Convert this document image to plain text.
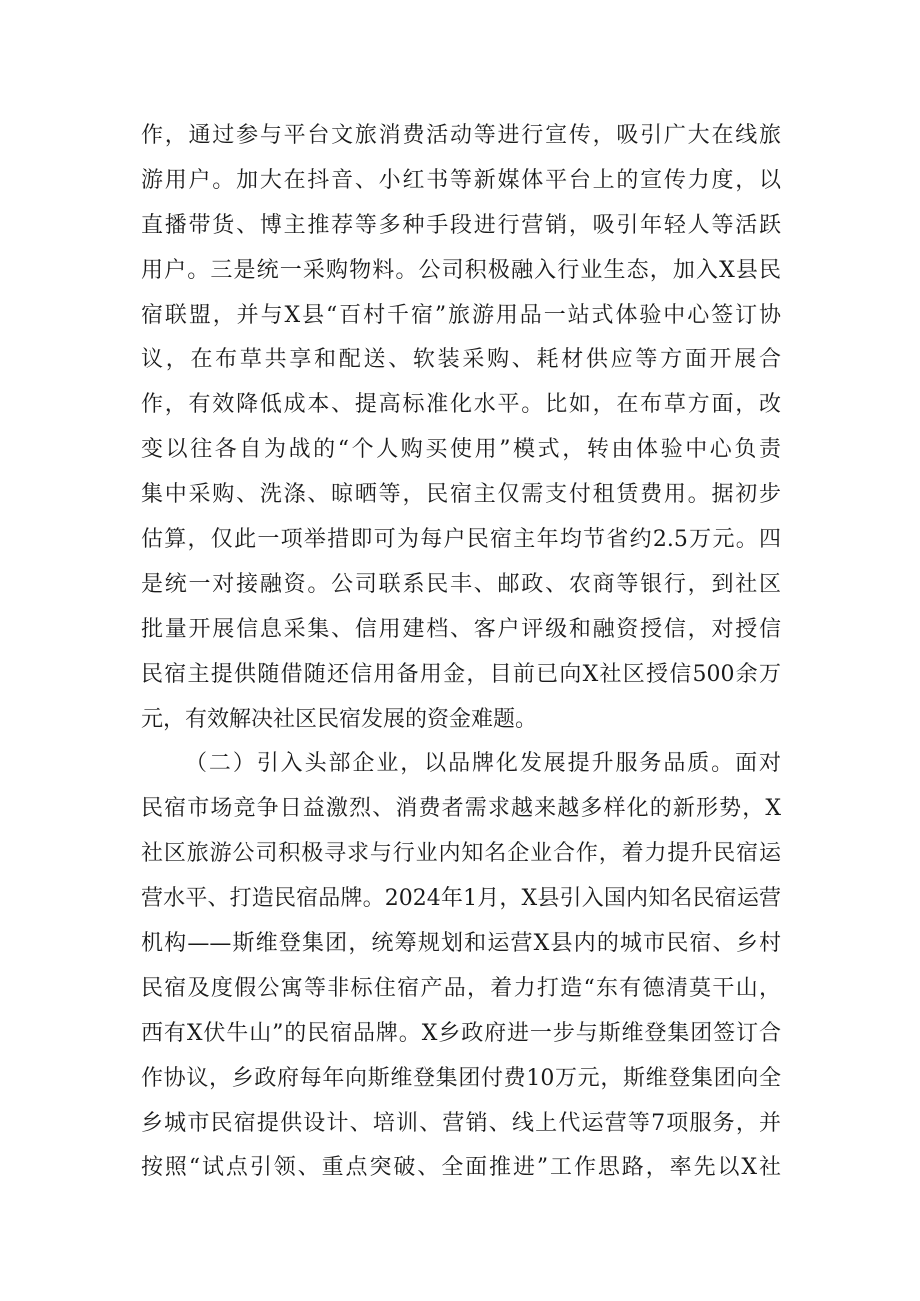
作，通过参与平台文旅消费活动等进行宣传，吸引广大在线旅
游用户。加大在抖音、小红书等新媒体平台上的宣传力度，以
直播带货、博主推荐等多种手段进行营销，吸引年轻人等活跃
用户。三是统一采购物料。公司积极融入行业生态，加入X县民
宿联盟，并与X县“百村千宿”旅游用品一站式体验中心签订协
议，在布草共享和配送、软装采购、耗材供应等方面开展合
作，有效降低成本、提高标准化水平。比如，在布草方面，改
变以往各自为战的“个人购买使用”模式，转由体验中心负责
集中采购、洗涤、晾晒等，民宿主仅需支付租赁费用。据初步
估算，仅此一项举措即可为每户民宿主年均节省约2.5万元。四
是统一对接融资。公司联系民丰、邮政、农商等银行，到社区
批量开展信息采集、信用建档、客户评级和融资授信，对授信
民宿主提供随借随还信用备用金，目前已向X社区授信500余万
元，有效解决社区民宿发展的资金难题。
（二）引入头部企业，以品牌化发展提升服务品质。面对
民宿市场竞争日益激烈、消费者需求越来越多样化的新形势，X
社区旅游公司积极寻求与行业内知名企业合作，着力提升民宿运
营水平、打造民宿品牌。2024年1月，X县引入国内知名民宿运营
机构——斯维登集团，统筹规划和运营X县内的城市民宿、乡村
民宿及度假公寓等非标住宿产品，着力打造“东有德清莫干山，
西有X伏牛山”的民宿品牌。X乡政府进一步与斯维登集团签订合
作协议，乡政府每年向斯维登集团付费10万元，斯维登集团向全
乡城市民宿提供设计、培训、营销、线上代运营等7项服务，并
按照“试点引领、重点突破、全面推进”工作思路，率先以X社
